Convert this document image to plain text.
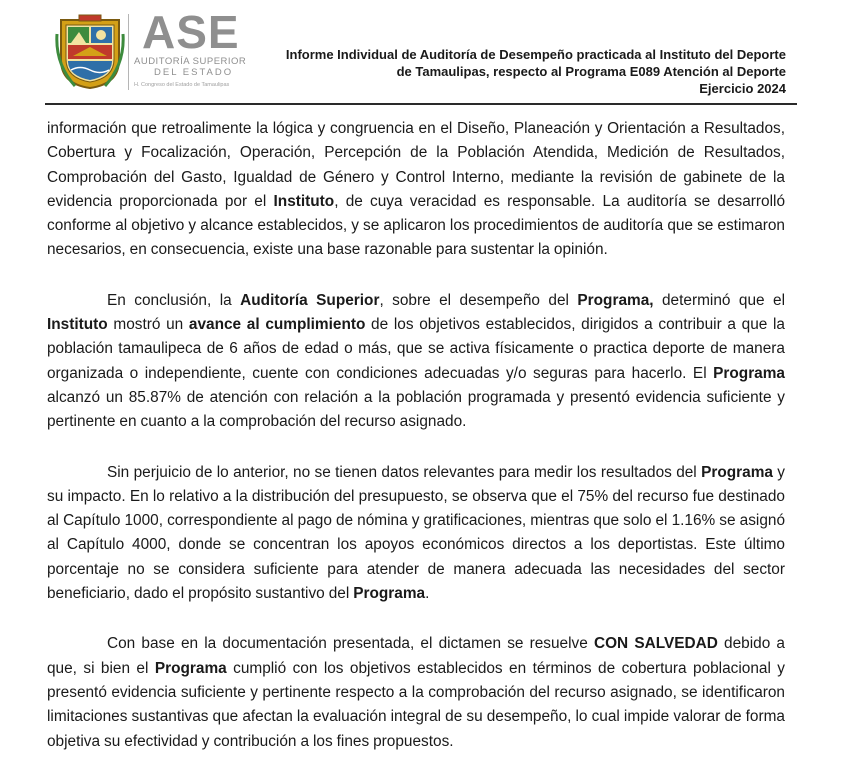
ASE
AUDITORÍA SUPERIOR
DEL ESTADO
H. Congreso del Estado de Tamaulipas
Informe Individual de Auditoría de Desempeño practicada al Instituto del Deporte
de Tamaulipas, respecto al Programa E089 Atención al Deporte
Ejercicio 2024

información que retroalimente la lógica y congruencia en el Diseño, Planeación y Orientación a Resultados, Cobertura y Focalización, Operación, Percepción de la Población Atendida, Medición de Resultados, Comprobación del Gasto, Igualdad de Género y Control Interno, mediante la revisión de gabinete de la evidencia proporcionada por el Instituto, de cuya veracidad es responsable. La auditoría se desarrolló conforme al objetivo y alcance establecidos, y se aplicaron los procedimientos de auditoría que se estimaron necesarios, en consecuencia, existe una base razonable para sustentar la opinión.

En conclusión, la Auditoría Superior, sobre el desempeño del Programa, determinó que el Instituto mostró un avance al cumplimiento de los objetivos establecidos, dirigidos a contribuir a que la población tamaulipeca de 6 años de edad o más, que se activa físicamente o practica deporte de manera organizada o independiente, cuente con condiciones adecuadas y/o seguras para hacerlo. El Programa alcanzó un 85.87% de atención con relación a la población programada y presentó evidencia suficiente y pertinente en cuanto a la comprobación del recurso asignado.

Sin perjuicio de lo anterior, no se tienen datos relevantes para medir los resultados del Programa y su impacto. En lo relativo a la distribución del presupuesto, se observa que el 75% del recurso fue destinado al Capítulo 1000, correspondiente al pago de nómina y gratificaciones, mientras que solo el 1.16% se asignó al Capítulo 4000, donde se concentran los apoyos económicos directos a los deportistas. Este último porcentaje no se considera suficiente para atender de manera adecuada las necesidades del sector beneficiario, dado el propósito sustantivo del Programa.

Con base en la documentación presentada, el dictamen se resuelve CON SALVEDAD debido a que, si bien el Programa cumplió con los objetivos establecidos en términos de cobertura poblacional y presentó evidencia suficiente y pertinente respecto a la comprobación del recurso asignado, se identificaron limitaciones sustantivas que afectan la evaluación integral de su desempeño, lo cual impide valorar de forma objetiva su efectividad y contribución a los fines propuestos.
